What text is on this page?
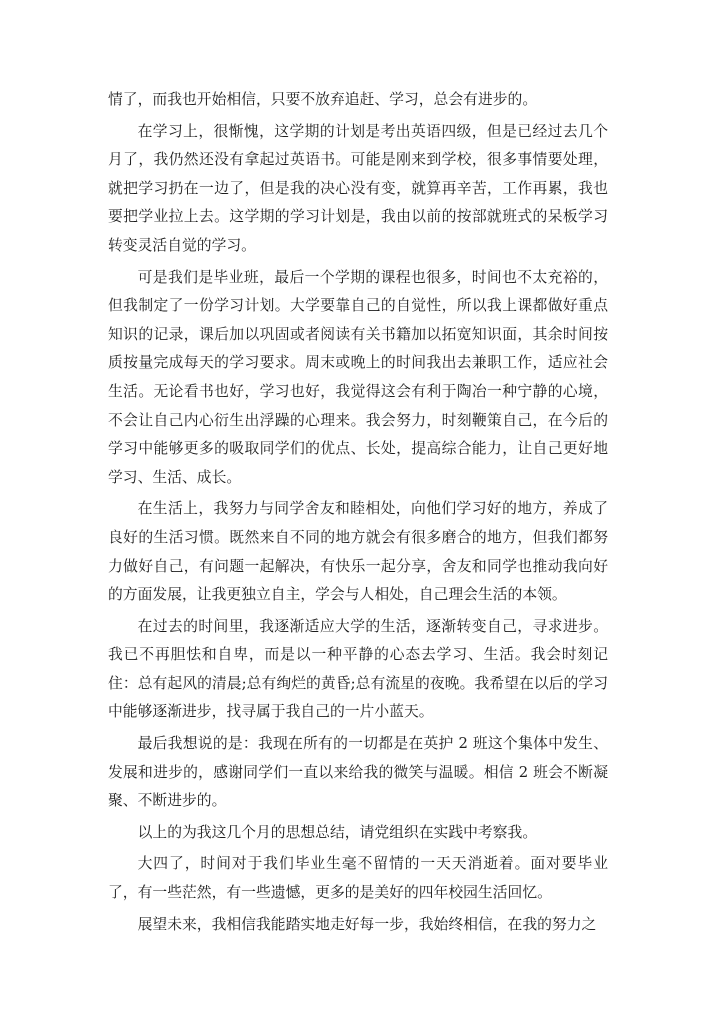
情了，而我也开始相信，只要不放弃追赶、学习，总会有进步的。

在学习上，很惭愧，这学期的计划是考出英语四级，但是已经过去几个月了，我仍然还没有拿起过英语书。可能是刚来到学校，很多事情要处理，就把学习扔在一边了，但是我的决心没有变，就算再辛苦，工作再累，我也要把学业拉上去。这学期的学习计划是，我由以前的按部就班式的呆板学习转变灵活自觉的学习。

可是我们是毕业班，最后一个学期的课程也很多，时间也不太充裕的，但我制定了一份学习计划。大学要靠自己的自觉性，所以我上课都做好重点知识的记录，课后加以巩固或者阅读有关书籍加以拓宽知识面，其余时间按质按量完成每天的学习要求。周末或晚上的时间我出去兼职工作，适应社会生活。无论看书也好，学习也好，我觉得这会有利于陶冶一种宁静的心境，不会让自己内心衍生出浮躁的心理来。我会努力，时刻鞭策自己，在今后的学习中能够更多的吸取同学们的优点、长处，提高综合能力，让自己更好地学习、生活、成长。

在生活上，我努力与同学舍友和睦相处，向他们学习好的地方，养成了良好的生活习惯。既然来自不同的地方就会有很多磨合的地方，但我们都努力做好自己，有问题一起解决，有快乐一起分享，舍友和同学也推动我向好的方面发展，让我更独立自主，学会与人相处，自己理会生活的本领。

在过去的时间里，我逐渐适应大学的生活，逐渐转变自己，寻求进步。我已不再胆怯和自卑，而是以一种平静的心态去学习、生活。我会时刻记住：总有起风的清晨;总有绚烂的黄昏;总有流星的夜晚。我希望在以后的学习中能够逐渐进步，找寻属于我自己的一片小蓝天。

最后我想说的是：我现在所有的一切都是在英护 2 班这个集体中发生、发展和进步的，感谢同学们一直以来给我的微笑与温暖。相信 2 班会不断凝聚、不断进步的。

以上的为我这几个月的思想总结，请党组织在实践中考察我。

大四了，时间对于我们毕业生毫不留情的一天天消逝着。面对要毕业了，有一些茫然，有一些遗憾，更多的是美好的四年校园生活回忆。

展望未来，我相信我能踏实地走好每一步，我始终相信，在我的努力之
